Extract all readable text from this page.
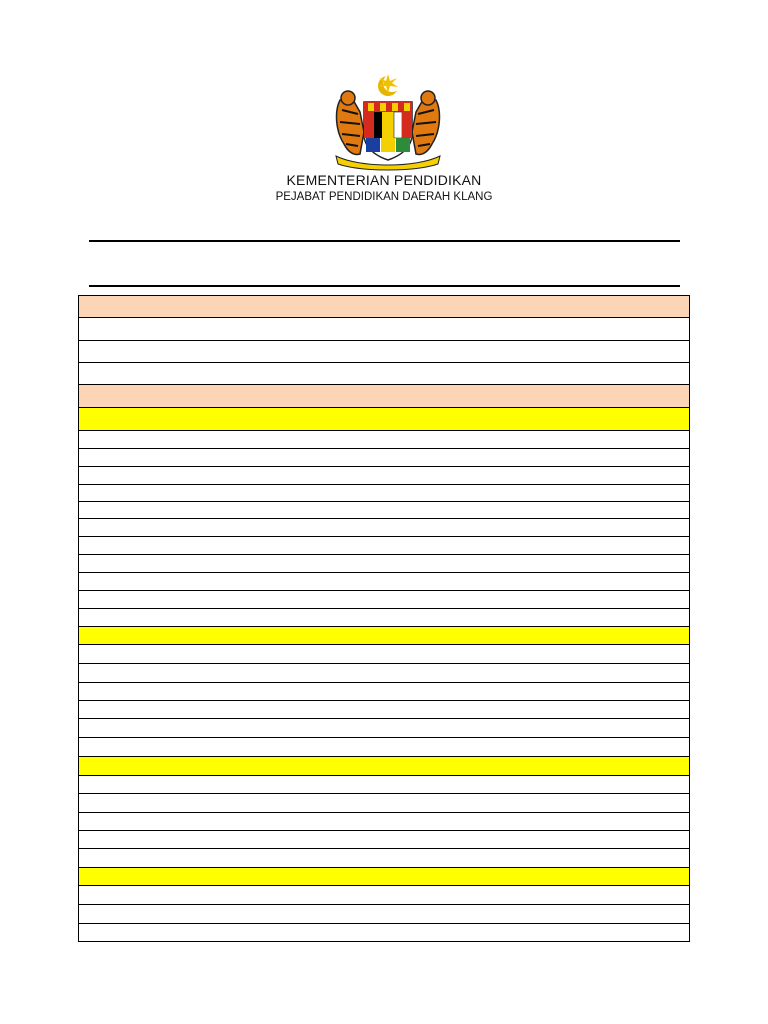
KEMENTERIAN PENDIDIKAN
PEJABAT PENDIDIKAN DAERAH KLANG
